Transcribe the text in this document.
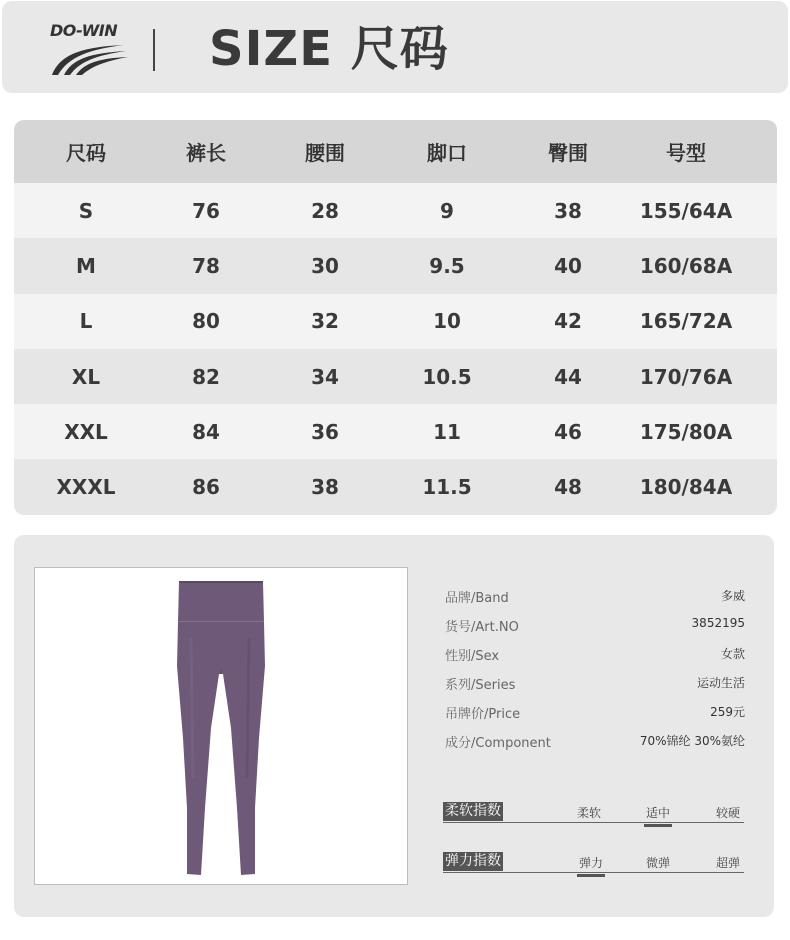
DO-WIN SIZE 尺码
尺码	裤长	腰围	脚口	臀围	号型
S	76	28	9	38	155/64A
M	78	30	9.5	40	160/68A
L	80	32	10	42	165/72A
XL	82	34	10.5	44	170/76A
XXL	84	36	11	46	175/80A
XXXL	86	38	11.5	48	180/84A
品牌/Band	多威
货号/Art.NO	3852195
性别/Sex	女款
系列/Series	运动生活
吊牌价/Price	259元
成分/Component	70%锦纶 30%氨纶
柔软指数	柔软	适中	较硬
弹力指数	弹力	微弹	超弹
